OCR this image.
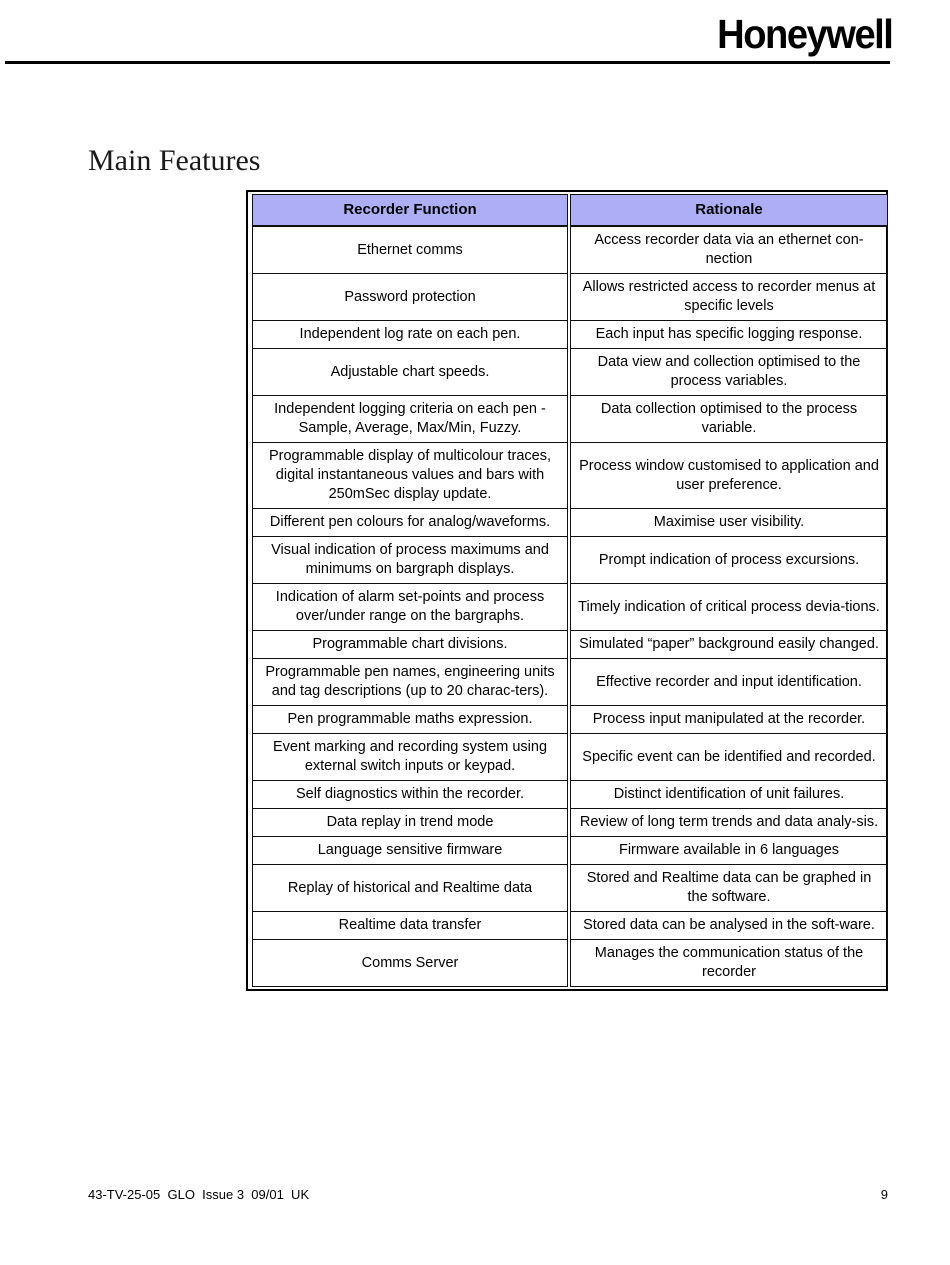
Honeywell
Main Features
Recorder Function	Rationale
Ethernet comms	Access recorder data via an ethernet con-nection
Password protection	Allows restricted access to recorder menus at specific levels
Independent log rate on each pen.	Each input has specific logging response.
Adjustable chart speeds.	Data view and collection optimised to the process variables.
Independent logging criteria on each pen - Sample, Average, Max/Min, Fuzzy.	Data collection optimised to the process variable.
Programmable display of multicolour traces, digital instantaneous values and bars with 250mSec display update.	Process window customised to application and user preference.
Different pen colours for analog/waveforms.	Maximise user visibility.
Visual indication of process maximums and minimums on bargraph displays.	Prompt indication of process excursions.
Indication of alarm set-points and process over/under range on the bargraphs.	Timely indication of critical process devia-tions.
Programmable chart divisions.	Simulated “paper” background easily changed.
Programmable pen names, engineering units and tag descriptions (up to 20 charac-ters).	Effective recorder and input identification.
Pen programmable maths expression.	Process input manipulated at the recorder.
Event marking and recording system using external switch inputs or keypad.	Specific event can be identified and recorded.
Self diagnostics within the recorder.	Distinct identification of unit failures.
Data replay in trend mode	Review of long term trends and data analy-sis.
Language sensitive firmware	Firmware available in 6 languages
Replay of historical and Realtime data	Stored and Realtime data can be graphed in the software.
Realtime data transfer	Stored data can be analysed in the soft-ware.
Comms Server	Manages the communication status of the recorder
43-TV-25-05  GLO  Issue 3  09/01  UK	9
